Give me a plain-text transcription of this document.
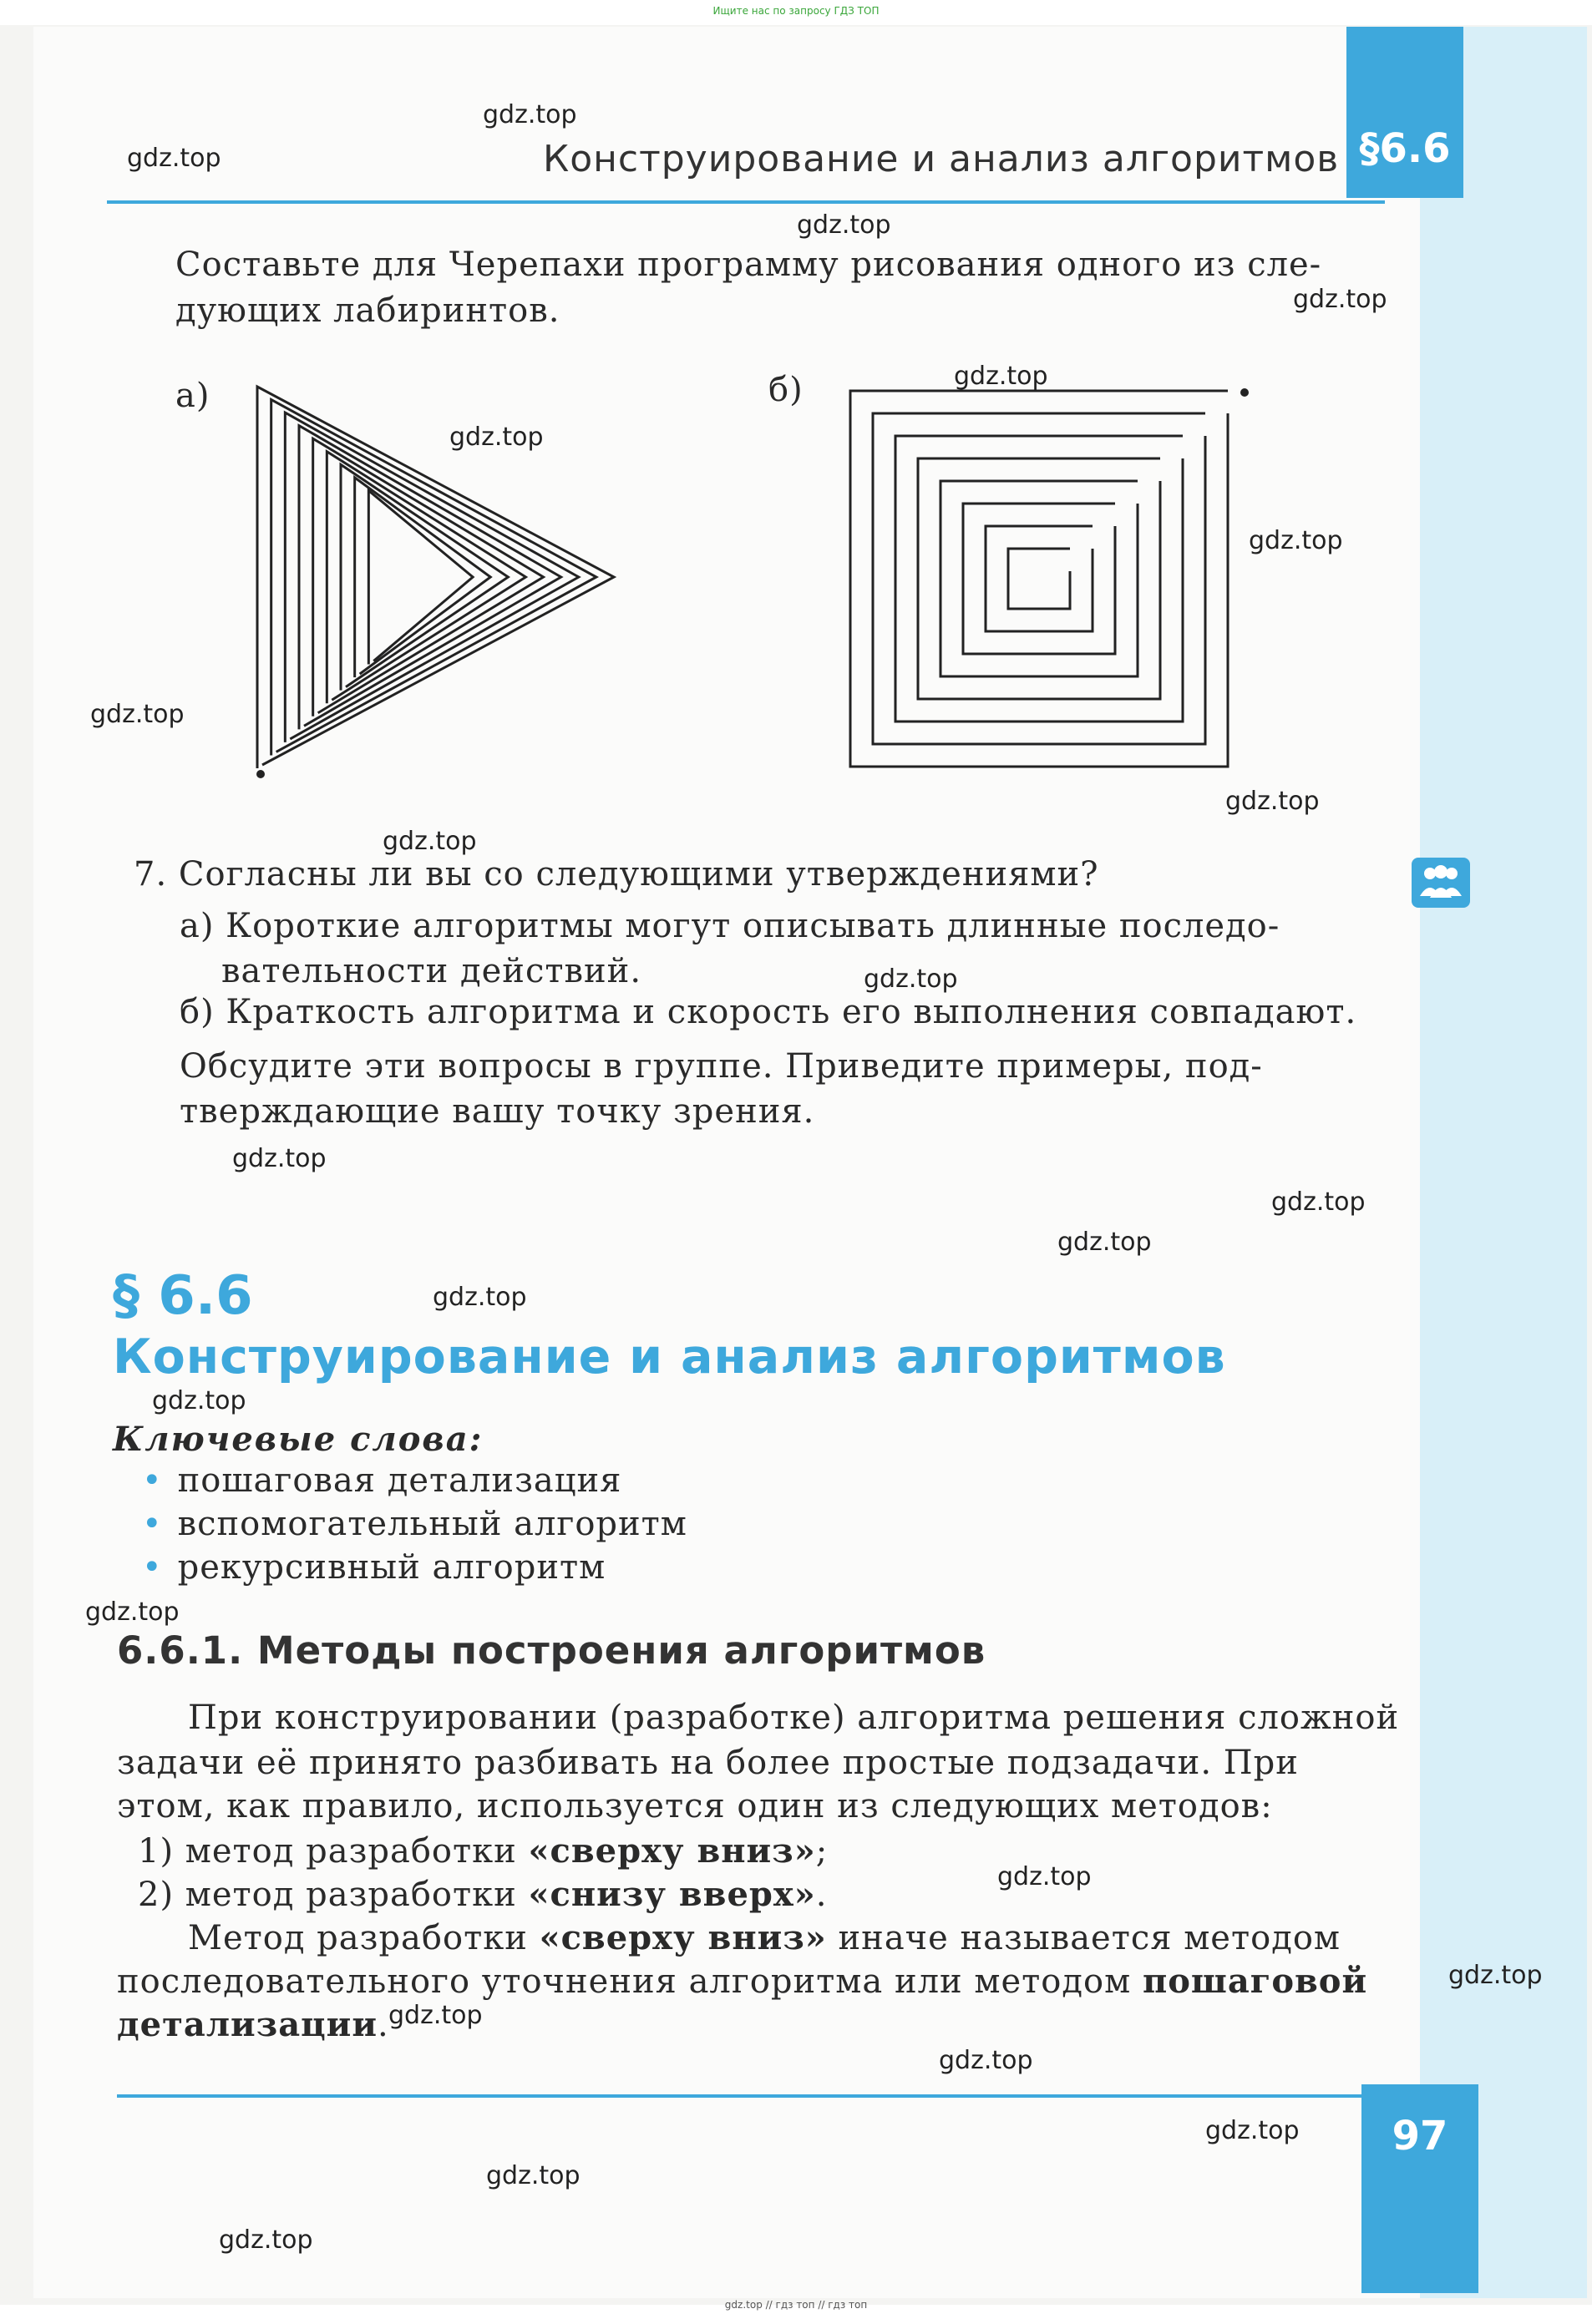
Ищите нас по запросу ГДЗ ТОП
§6.6
Конструирование и анализ алгоритмов
Составьте для Черепахи программу рисования одного из сле-
дующих лабиринтов.
а)	б)
7. Согласны ли вы со следующими утверждениями?
а) Короткие алгоритмы могут описывать длинные последо-
вательности действий.
б) Краткость алгоритма и скорость его выполнения совпадают.
Обсудите эти вопросы в группе. Приведите примеры, под-
тверждающие вашу точку зрения.
§ 6.6
Конструирование и анализ алгоритмов
Ключевые слова:
• пошаговая детализация
• вспомогательный алгоритм
• рекурсивный алгоритм
6.6.1. Методы построения алгоритмов
При конструировании (разработке) алгоритма решения сложной
задачи её принято разбивать на более простые подзадачи. При
этом, как правило, используется один из следующих методов:
1) метод разработки «сверху вниз»;
2) метод разработки «снизу вверх».
Метод разработки «сверху вниз» иначе называется методом
последовательного уточнения алгоритма или методом пошаговой
детализации.
97
gdz.top
gdz.top
gdz.top
gdz.top
gdz.top
gdz.top
gdz.top
gdz.top
gdz.top
gdz.top
gdz.top
gdz.top
gdz.top
gdz.top
gdz.top
gdz.top
gdz.top
gdz.top
gdz.top
gdz.top
gdz.top
gdz.top
gdz.top
gdz.top
gdz.top // гдз топ // гдз топ
